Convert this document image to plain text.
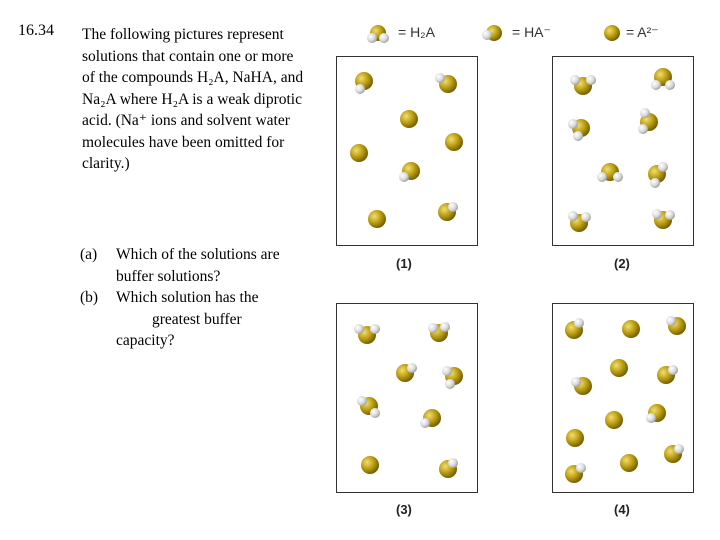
16.34 The following pictures represent solutions that contain one or more of the compounds H₂A, NaHA, and Na₂A where H₂A is a weak diprotic acid. (Na⁺ ions and solvent water molecules have been omitted for clarity.)
(a)	Which of the solutions are buffer solutions?
(b)	Which solution has the
greatest buffer
capacity?
= H₂A	= HA⁻	= A²⁻
(1)	(2)
(3)	(4)
